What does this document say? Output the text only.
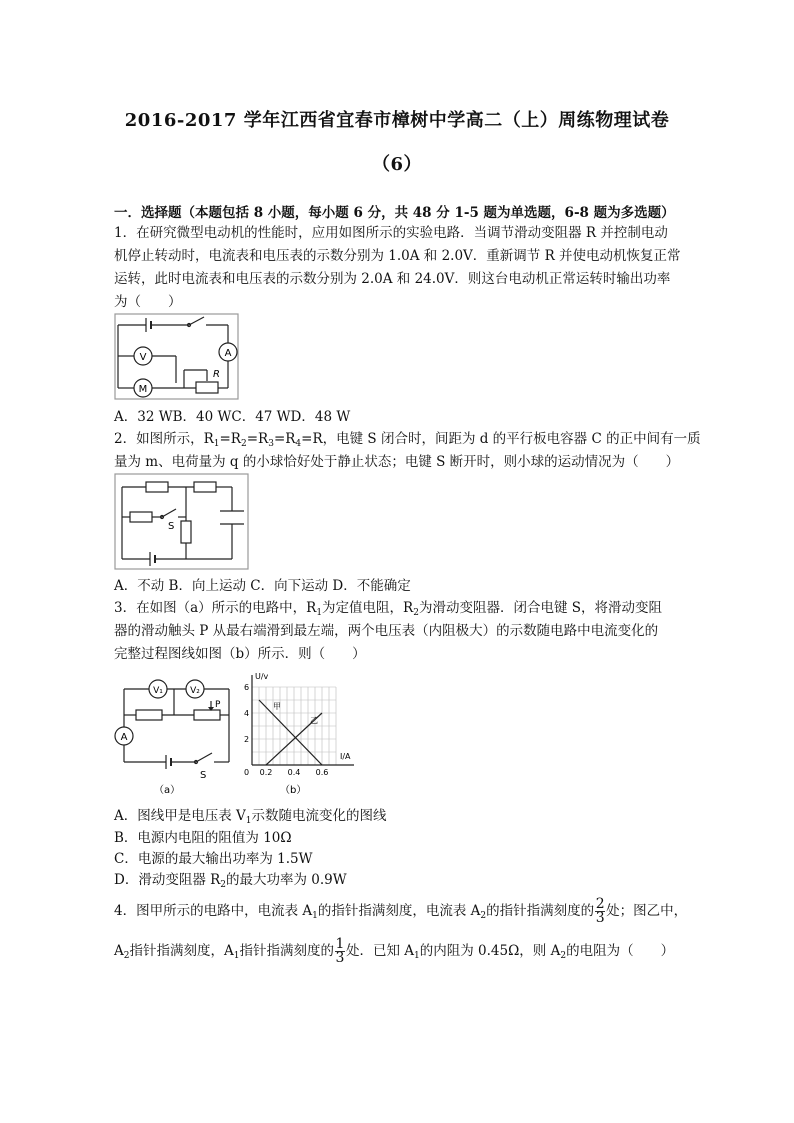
2016-2017 学年江西省宜春市樟树中学高二（上）周练物理试卷
（6）
一．选择题（本题包括 8 小题，每小题 6 分，共 48 分 1-5 题为单选题，6-8 题为多选题）
1．在研究微型电动机的性能时，应用如图所示的实验电路．当调节滑动变阻器 R 并控制电动
机停止转动时，电流表和电压表的示数分别为 1.0A 和 2.0V．重新调节 R 并使电动机恢复正常
运转，此时电流表和电压表的示数分别为 2.0A 和 24.0V．则这台电动机正常运转时输出功率
为（　　）
V	A
M
R
A．32 WB．40 WC．47 WD．48 W
2．如图所示，$R_1=R_2=R_3=R_4=R$，电键 S 闭合时，间距为 d 的平行板电容器 C 的正中间有一质
量为 m、电荷量为 q 的小球恰好处于静止状态；电键 S 断开时，则小球的运动情况为（　　）
S
A．不动 B．向上运动 C．向下运动 D．不能确定
3．在如图（a）所示的电路中，$R_1$为定值电阻，$R_2$为滑动变阻器．闭合电键 S，将滑动变阻
器的滑动触头 P 从最右端滑到最左端，两个电压表（内阻极大）的示数随电路中电流变化的
完整过程图线如图（b）所示．则（　　）
V₁	V₂
P
A
S
（a）
U/v
I/A
6
4
2
0 0.2 0.4 0.6
甲
乙
（b）
A．图线甲是电压表 $V_1$示数随电流变化的图线
B．电源内电阻的阻值为 10Ω
C．电源的最大输出功率为 1.5W
D．滑动变阻器 $R_2$的最大功率为 0.9W
4．图甲所示的电路中，电流表 $A_1$的指针指满刻度，电流表 $A_2$的指针指满刻度的 $\frac{2}{3}$ 处；图乙中，
$A_2$指针指满刻度，$A_1$指针指满刻度的 $\frac{1}{3}$ 处．已知 $A_1$的内阻为 0.45Ω，则 $A_2$的电阻为（　　）
